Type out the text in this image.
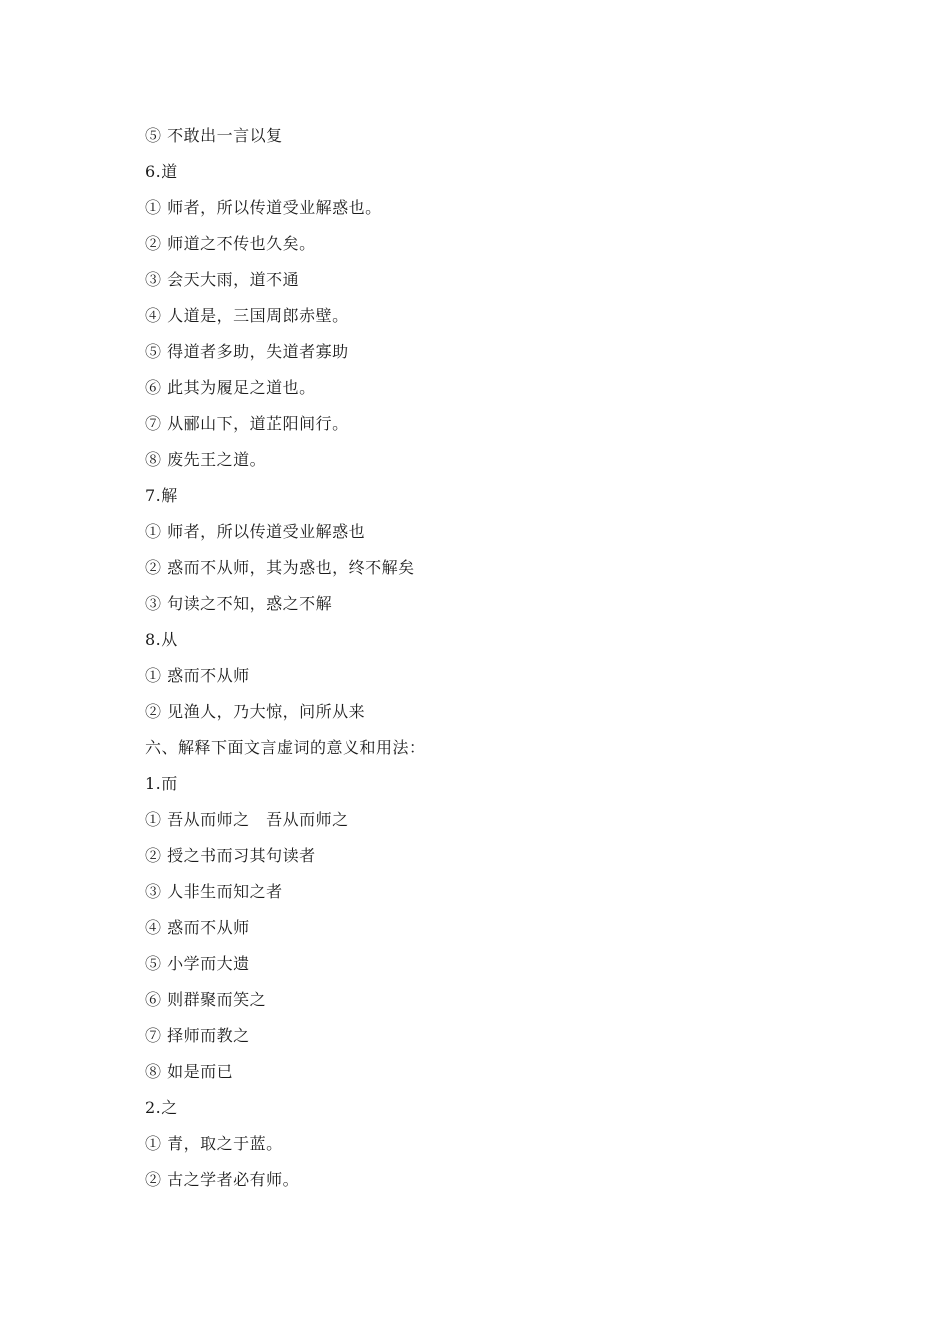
⑤ 不敢出一言以复
6.道
① 师者，所以传道受业解惑也。
② 师道之不传也久矣。
③ 会天大雨，道不通
④ 人道是，三国周郎赤壁。
⑤ 得道者多助，失道者寡助
⑥ 此其为履足之道也。
⑦ 从郦山下，道芷阳间行。
⑧ 废先王之道。
7.解
① 师者，所以传道受业解惑也
② 惑而不从师，其为惑也，终不解矣
③ 句读之不知，惑之不解
8.从
① 惑而不从师
② 见渔人，乃大惊，问所从来
六、解释下面文言虚词的意义和用法：
1.而
① 吾从而师之　吾从而师之
② 授之书而习其句读者
③ 人非生而知之者
④ 惑而不从师
⑤ 小学而大遗
⑥ 则群聚而笑之
⑦ 择师而教之
⑧ 如是而已
2.之
① 青，取之于蓝。
② 古之学者必有师。
